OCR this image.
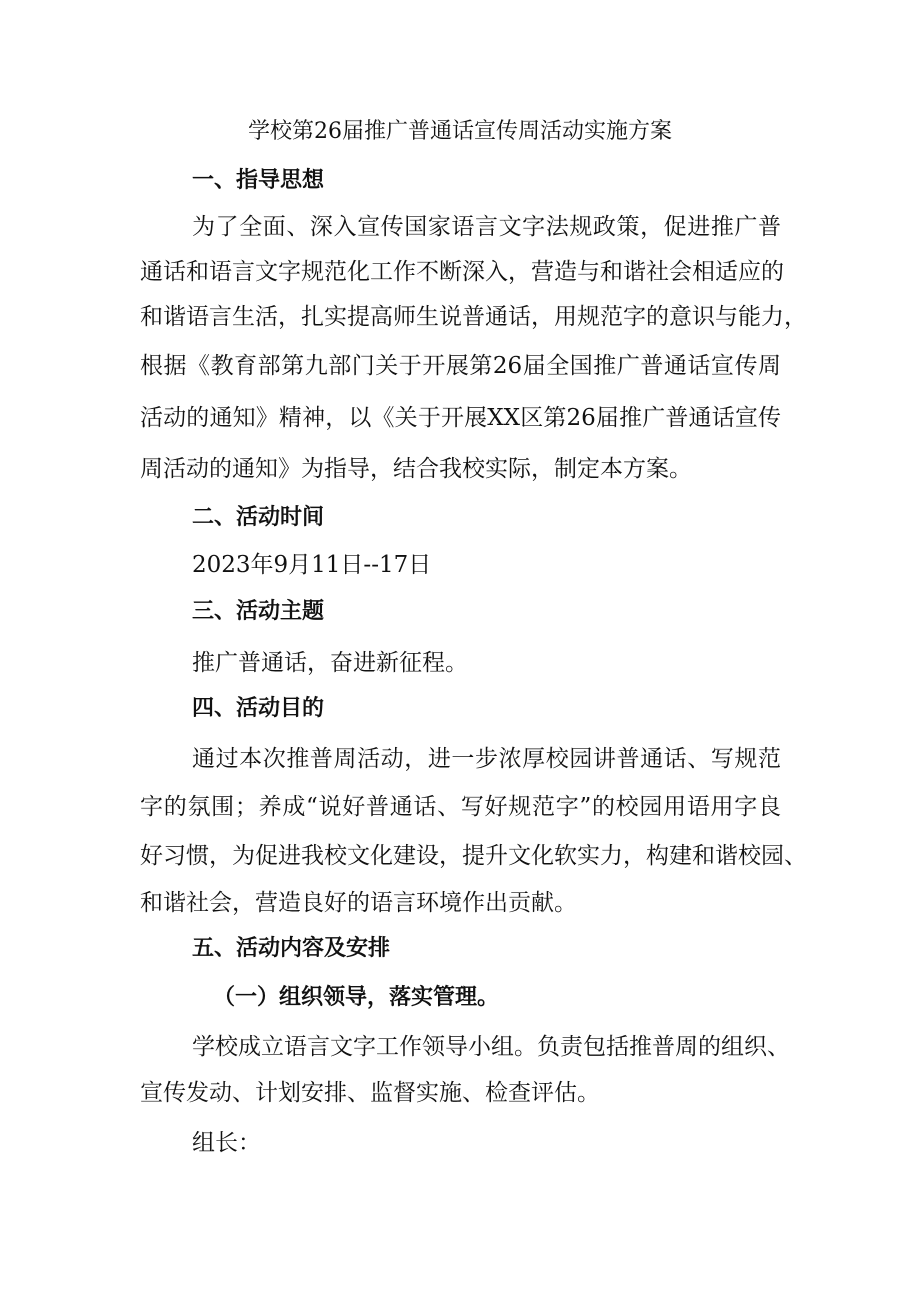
学校第26届推广普通话宣传周活动实施方案

一、指导思想

为了全面、深入宣传国家语言文字法规政策，促进推广普

通话和语言文字规范化工作不断深入，营造与和谐社会相适应的

和谐语言生活，扎实提高师生说普通话，用规范字的意识与能力，

根据《教育部第九部门关于开展第26届全国推广普通话宣传周

活动的通知》精神，以《关于开展XX区第26届推广普通话宣传

周活动的通知》为指导，结合我校实际，制定本方案。

二、活动时间

2023年9月11日--17日

三、活动主题

推广普通话，奋进新征程。

四、活动目的

通过本次推普周活动，进一步浓厚校园讲普通话、写规范

字的氛围；养成“说好普通话、写好规范字”的校园用语用字良

好习惯，为促进我校文化建设，提升文化软实力，构建和谐校园、

和谐社会，营造良好的语言环境作出贡献。

五、活动内容及安排

（一）组织领导，落实管理。

学校成立语言文字工作领导小组。负责包括推普周的组织、

宣传发动、计划安排、监督实施、检查评估。

组长：
